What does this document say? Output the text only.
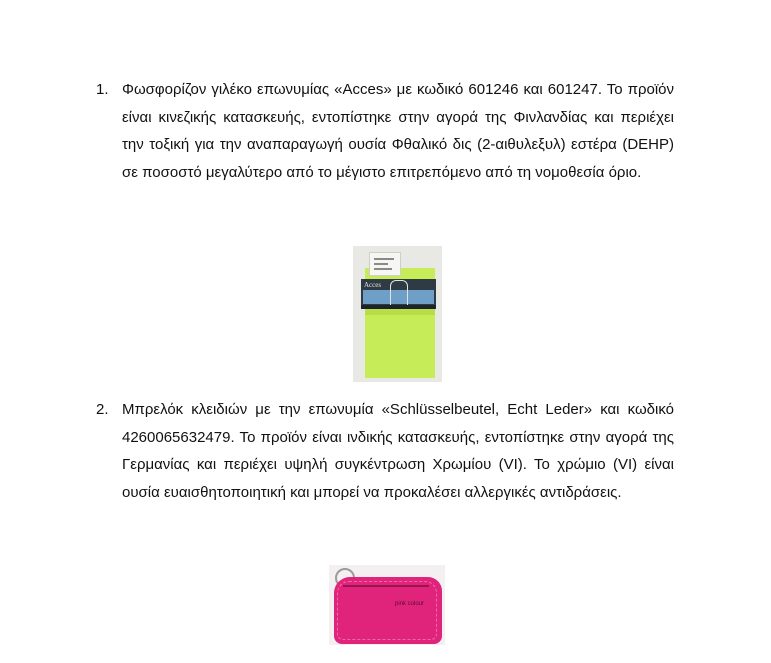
1. Φωσφορίζον γιλέκο επωνυμίας «Acces» με κωδικό 601246 και 601247. Το προϊόν είναι κινεζικής κατασκευής, εντοπίστηκε στην αγορά της Φινλανδίας και περιέχει την τοξική για την αναπαραγωγή ουσία Φθαλικό δις (2-αιθυλεξυλ) εστέρα (DEHP) σε ποσοστό μεγαλύτερο από το μέγιστο επιτρεπόμενο από τη νομοθεσία όριο.
Acces
2. Μπρελόκ κλειδιών με την επωνυμία «Schlüsselbeutel, Echt Leder» και κωδικό 4260065632479. Το προϊόν είναι ινδικής κατασκευής, εντοπίστηκε στην αγορά της Γερμανίας και περιέχει υψηλή συγκέντρωση Χρωμίου (VI). Το χρώμιο (VI) είναι ουσία ευαισθητοποιητική και μπορεί να προκαλέσει αλλεργικές αντιδράσεις.
pink colour
